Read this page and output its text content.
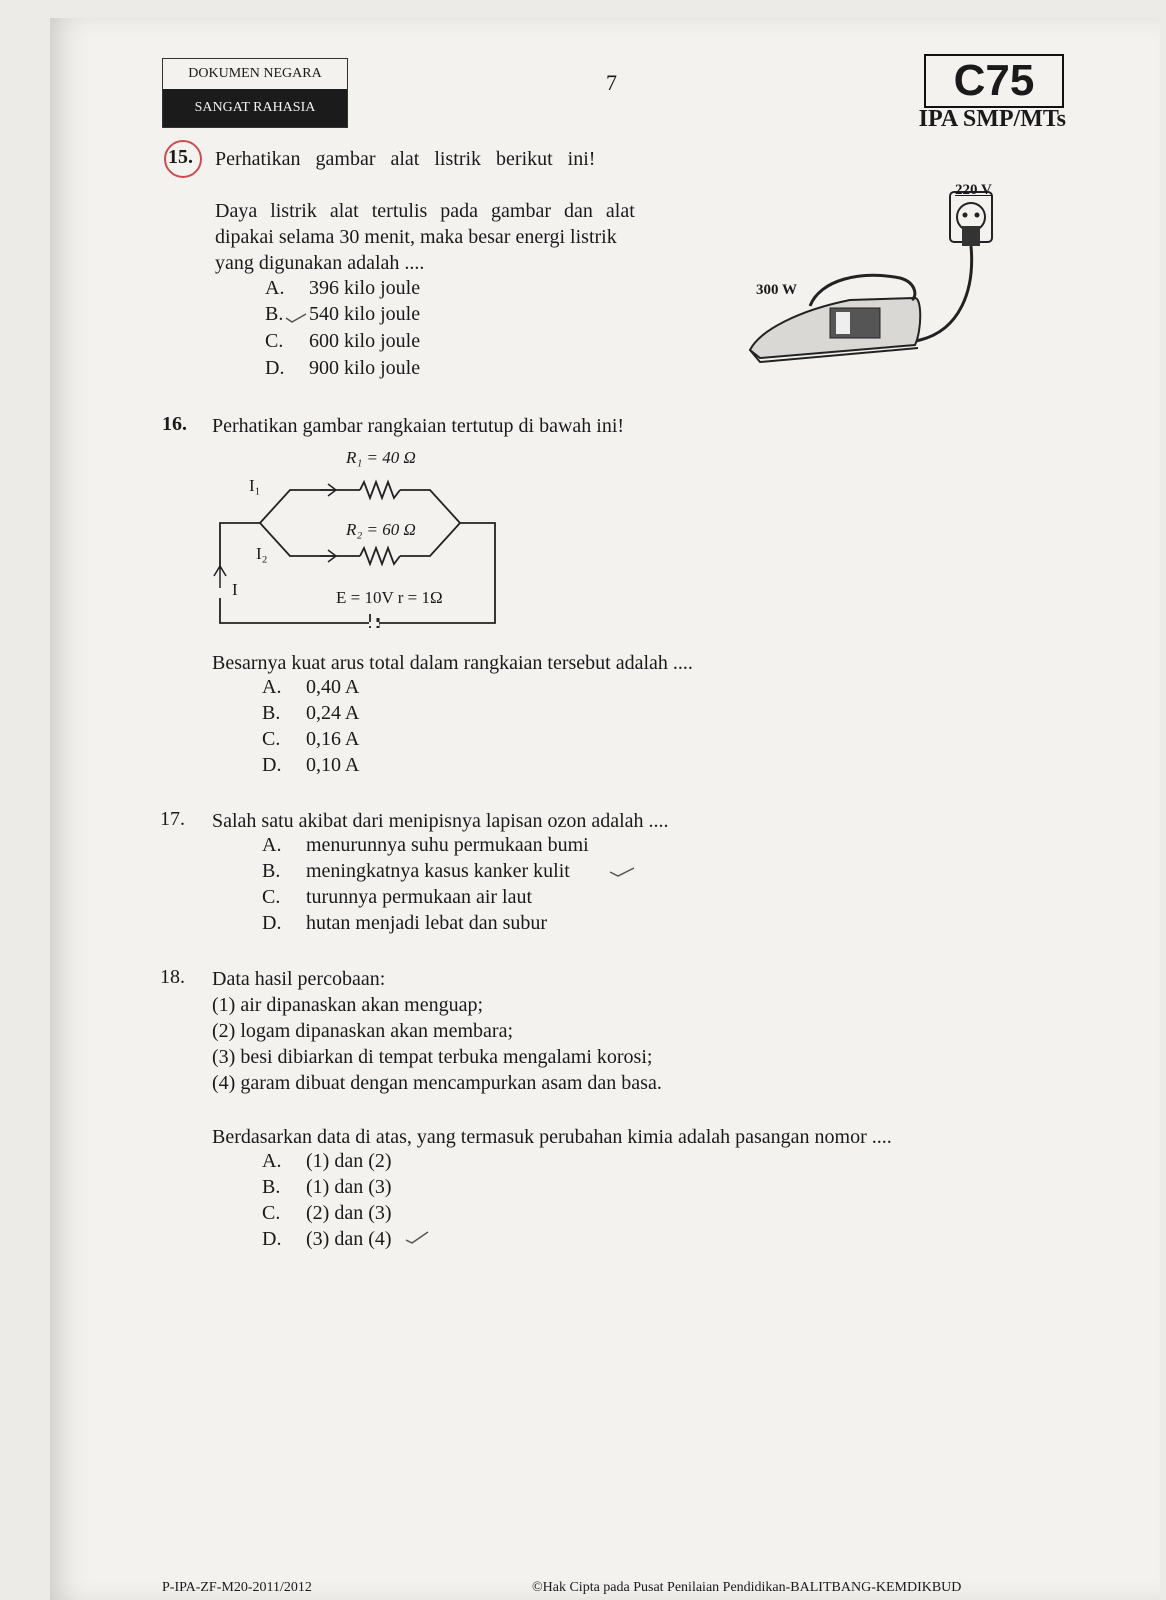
DOKUMEN NEGARA
SANGAT RAHASIA
7	C75
IPA SMP/MTs
15. Perhatikan gambar alat listrik berikut ini!
Daya listrik alat tertulis pada gambar dan alat
dipakai selama 30 menit, maka besar energi listrik
yang digunakan adalah ....
A. 396 kilo joule
B. 540 kilo joule
C. 600 kilo joule
D. 900 kilo joule
220 V
300 W
16. Perhatikan gambar rangkaian tertutup di bawah ini!
R₁ = 40 Ω
R₂ = 60 Ω
I₁
I₂
I	E = 10V r = 1Ω
Besarnya kuat arus total dalam rangkaian tersebut adalah ....
A. 0,40 A
B. 0,24 A
C. 0,16 A
D. 0,10 A
17. Salah satu akibat dari menipisnya lapisan ozon adalah ....
A. menurunnya suhu permukaan bumi
B. meningkatnya kasus kanker kulit
C. turunnya permukaan air laut
D. hutan menjadi lebat dan subur
18. Data hasil percobaan:
(1) air dipanaskan akan menguap;
(2) logam dipanaskan akan membara;
(3) besi dibiarkan di tempat terbuka mengalami korosi;
(4) garam dibuat dengan mencampurkan asam dan basa.
Berdasarkan data di atas, yang termasuk perubahan kimia adalah pasangan nomor ....
A. (1) dan (2)
B. (1) dan (3)
C. (2) dan (3)
D. (3) dan (4)
P-IPA-ZF-M20-2011/2012	©Hak Cipta pada Pusat Penilaian Pendidikan-BALITBANG-KEMDIKBUD
